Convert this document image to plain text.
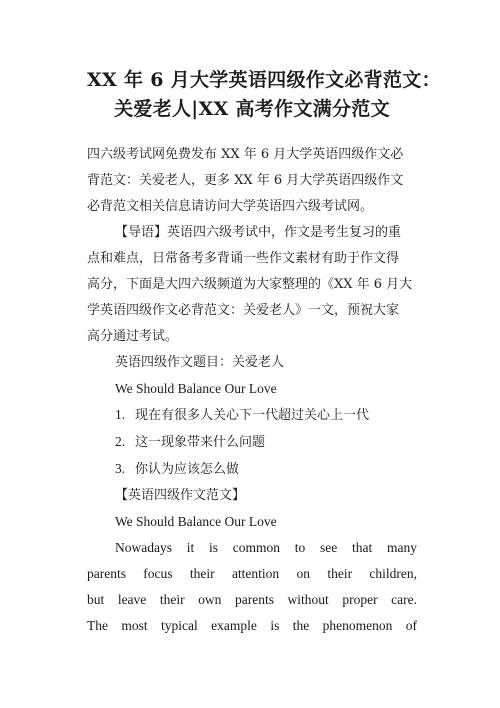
XX 年 6 月大学英语四级作文必背范文：
关爱老人|XX 高考作文满分范文

四六级考试网免费发布 XX 年 6 月大学英语四级作文必
背范文：关爱老人，更多 XX 年 6 月大学英语四级作文
必背范文相关信息请访问大学英语四六级考试网。

【导语】英语四六级考试中，作文是考生复习的重
点和难点，日常备考多背诵一些作文素材有助于作文得
高分，下面是大四六级频道为大家整理的《XX 年 6 月大
学英语四级作文必背范文：关爱老人》一文，预祝大家
高分通过考试。

英语四级作文题目：关爱老人
We Should Balance Our Love
1. 现在有很多人关心下一代超过关心上一代
2. 这一现象带来什么问题
3. 你认为应该怎么做
【英语四级作文范文】
We Should Balance Our Love

Nowadays it is common to see that many
parents focus their attention on their children,
but leave their own parents without proper care.
The most typical example is the phenomenon of
